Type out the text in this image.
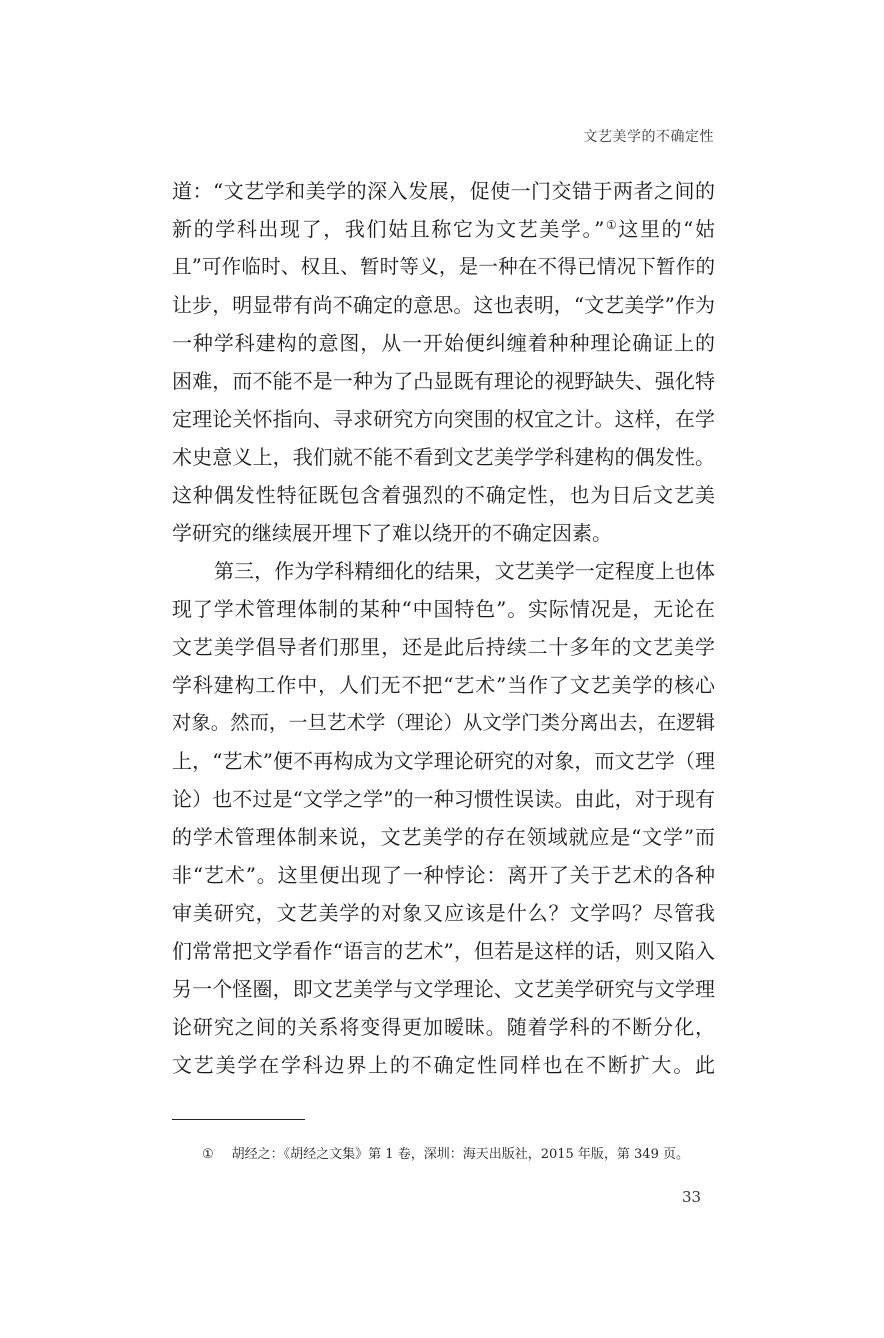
文艺美学的不确定性
道：“文艺学和美学的深入发展，促使一门交错于两者之间的
新的学科出现了，我们姑且称它为文艺美学。”①这里的“姑
且”可作临时、权且、暂时等义，是一种在不得已情况下暂作的
让步，明显带有尚不确定的意思。这也表明，“文艺美学”作为
一种学科建构的意图，从一开始便纠缠着种种理论确证上的
困难，而不能不是一种为了凸显既有理论的视野缺失、强化特
定理论关怀指向、寻求研究方向突围的权宜之计。这样，在学
术史意义上，我们就不能不看到文艺美学学科建构的偶发性。
这种偶发性特征既包含着强烈的不确定性，也为日后文艺美
学研究的继续展开埋下了难以绕开的不确定因素。
第三，作为学科精细化的结果，文艺美学一定程度上也体
现了学术管理体制的某种“中国特色”。实际情况是，无论在
文艺美学倡导者们那里，还是此后持续二十多年的文艺美学
学科建构工作中，人们无不把“艺术”当作了文艺美学的核心
对象。然而，一旦艺术学（理论）从文学门类分离出去，在逻辑
上，“艺术”便不再构成为文学理论研究的对象，而文艺学（理
论）也不过是“文学之学”的一种习惯性误读。由此，对于现有
的学术管理体制来说，文艺美学的存在领域就应是“文学”而
非“艺术”。这里便出现了一种悖论：离开了关于艺术的各种
审美研究，文艺美学的对象又应该是什么？文学吗？尽管我
们常常把文学看作“语言的艺术”，但若是这样的话，则又陷入
另一个怪圈，即文艺美学与文学理论、文艺美学研究与文学理
论研究之间的关系将变得更加暧昧。随着学科的不断分化，
文艺美学在学科边界上的不确定性同样也在不断扩大。此
① 胡经之：《胡经之文集》第 1 卷，深圳：海天出版社，2015 年版，第 349 页。
33
